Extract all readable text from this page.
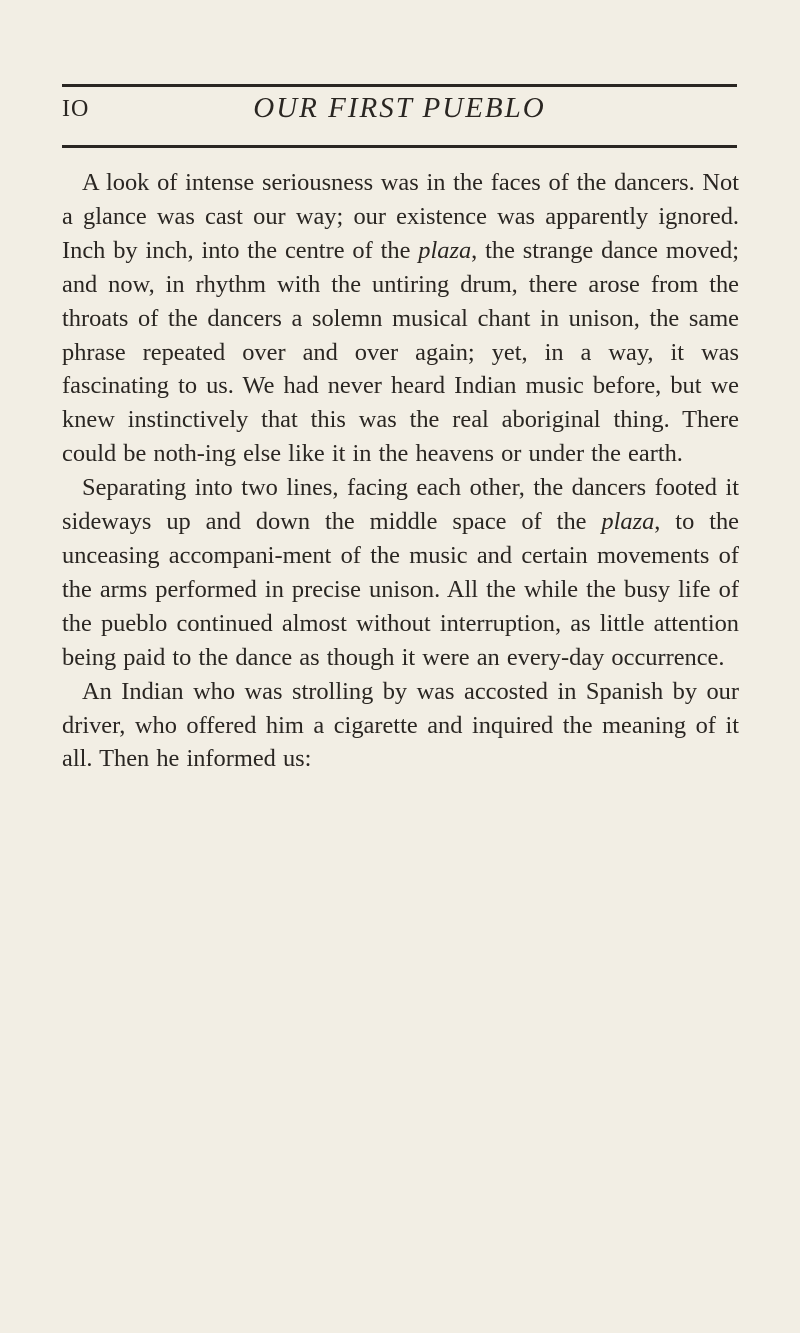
IO	OUR FIRST PUEBLO

A look of intense seriousness was in the faces of the dancers. Not a glance was cast our way; our existence was apparently ignored. Inch by inch, into the centre of the plaza, the strange dance moved; and now, in rhythm with the untiring drum, there arose from the throats of the dancers a solemn musical chant in unison, the same phrase repeated over and over again; yet, in a way, it was fascinating to us. We had never heard Indian music before, but we knew instinctively that this was the real aboriginal thing. There could be noth-ing else like it in the heavens or under the earth.

Separating into two lines, facing each other, the dancers footed it sideways up and down the middle space of the plaza, to the unceasing accompani-ment of the music and certain movements of the arms performed in precise unison. All the while the busy life of the pueblo continued almost without interruption, as little attention being paid to the dance as though it were an every-day occurrence.

An Indian who was strolling by was accosted in Spanish by our driver, who offered him a cigarette and inquired the meaning of it all. Then he informed us:
